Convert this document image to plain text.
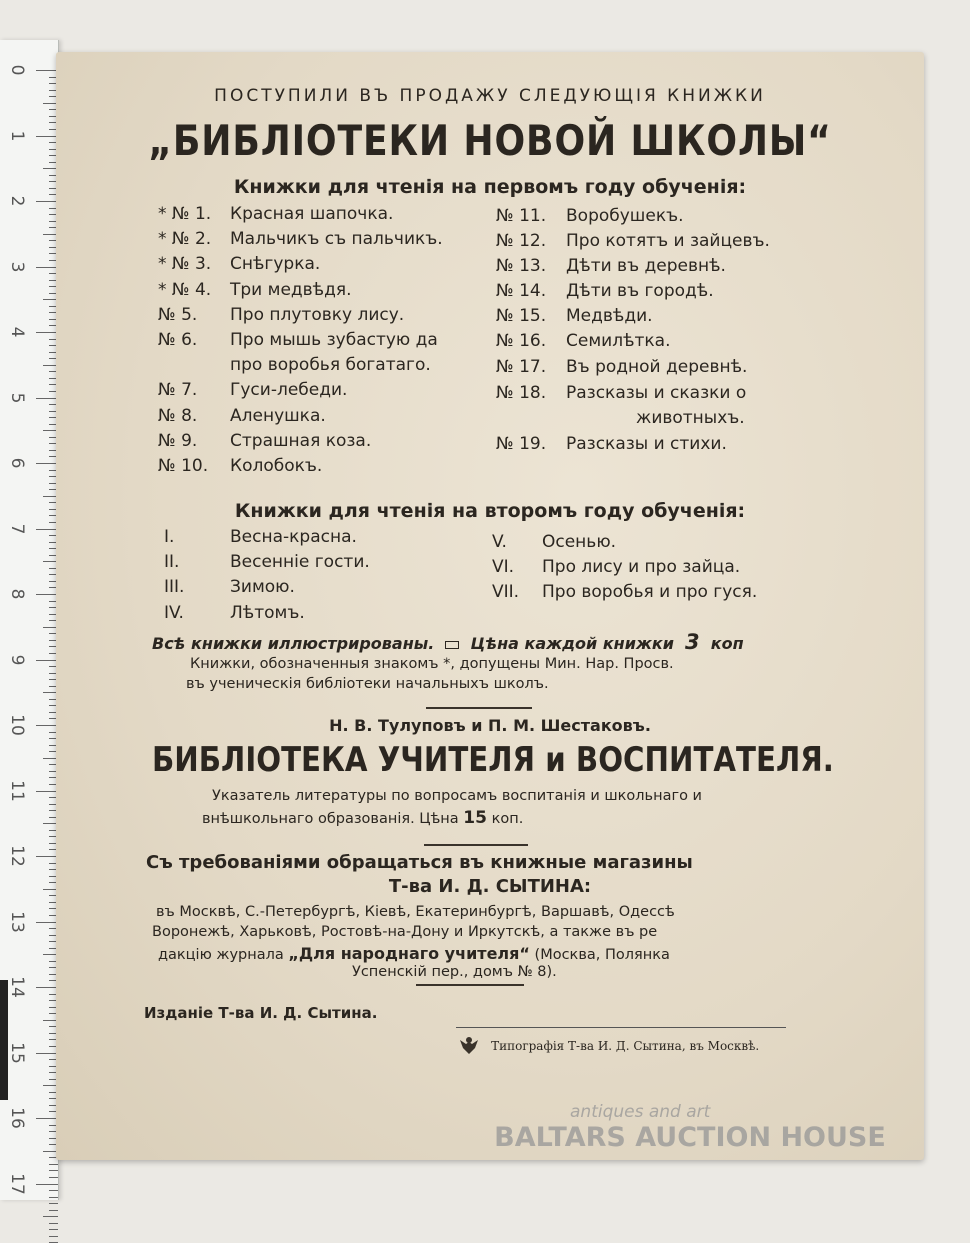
0
1
2
3
4
5
6
7
8
9
10
11
12
13
14
15
16
17
ПОСТУПИЛИ ВЪ ПРОДАЖУ СЛЕДУЮЩІЯ КНИЖКИ
„БИБЛІОТЕКИ НОВОЙ ШКОЛЫ“
Книжки для чтенія на первомъ году обученія:
* № 1. Красная шапочка.
* № 2. Мальчикъ съ пальчикъ.
* № 3. Снѣгурка.
* № 4. Три медвѣдя.
№ 5. Про плутовку лису.
№ 6. Про мышь зубастую да
про воробья богатаго.
№ 7. Гуси-лебеди.
№ 8. Аленушка.
№ 9. Страшная коза.
№ 10. Колобокъ.
№ 11. Воробушекъ.
№ 12. Про котятъ и зайцевъ.
№ 13. Дѣти въ деревнѣ.
№ 14. Дѣти въ городѣ.
№ 15. Медвѣди.
№ 16. Семилѣтка.
№ 17. Въ родной деревнѣ.
№ 18. Разсказы и сказки о
животныхъ.
№ 19. Разсказы и стихи.
Книжки для чтенія на второмъ году обученія:
I.	Весна-красна.
II.	Весенніе гости.
III.	Зимою.
IV.	Лѣтомъ.
V. Осенью.
VI. Про лису и про зайца.
VII. Про воробья и про гуся.
Всѣ книжки иллюстрированы. Цѣна каждой книжки 3 коп
Книжки, обозначенныя знакомъ *, допущены Мин. Нар. Просв.
въ ученическія библіотеки начальныхъ школъ.
Н. В. Тулуповъ и П. М. Шестаковъ.
БИБЛІОТЕКА УЧИТЕЛЯ и ВОСПИТАТЕЛЯ.
Указатель литературы по вопросамъ воспитанія и школьнаго и
внѣшкольнаго образованія. Цѣна 15 коп.
Съ требованіями обращаться въ книжные магазины
Т-ва И. Д. СЫТИНА:
въ Москвѣ, С.-Петербургѣ, Кіевѣ, Екатеринбургѣ, Варшавѣ, Одессѣ
Воронежѣ, Харьковѣ, Ростовѣ-на-Дону и Иркутскѣ, а также въ ре
дакцію журнала „Для народнаго учителя“ (Москва, Полянка
Успенскій пер., домъ № 8).
Изданіе Т-ва И. Д. Сытина.
Типографія Т-ва И. Д. Сытина, въ Москвѣ.
antiques and art
BALTARS AUCTION HOUSE
